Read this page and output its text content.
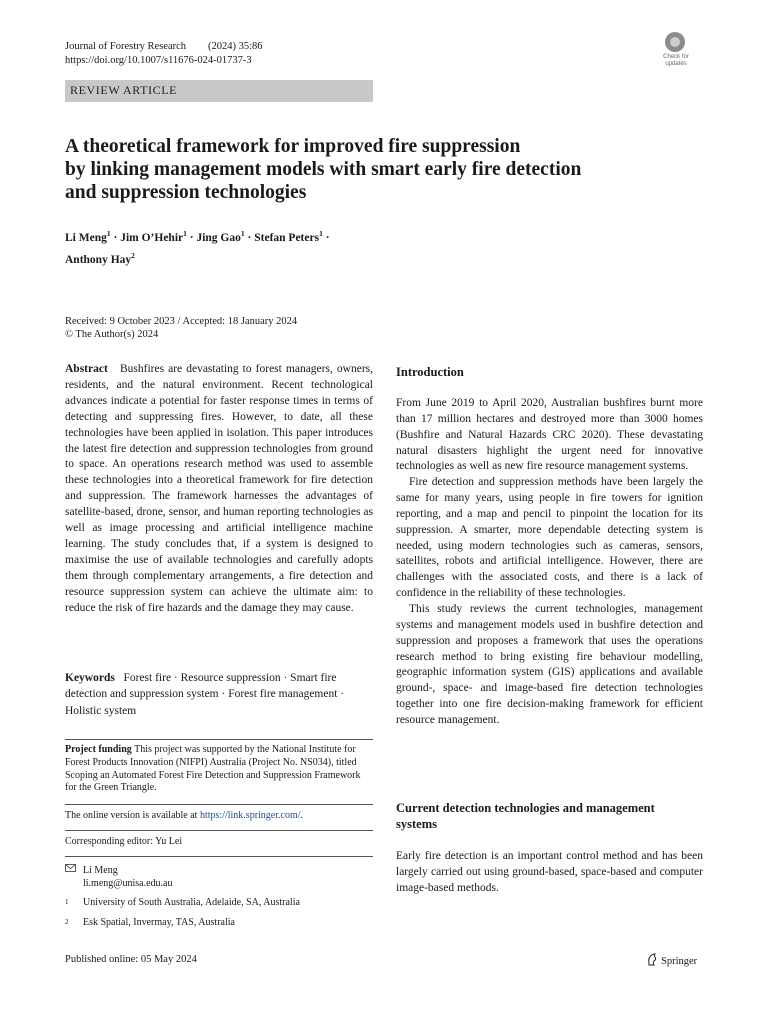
Journal of Forestry Research (2024) 35:86
https://doi.org/10.1007/s11676-024-01737-3	Check for
updates
REVIEW ARTICLE
A theoretical framework for improved fire suppression
by linking management models with smart early fire detection
and suppression technologies
Li Meng$^1$ · Jim O’Hehir$^1$ · Jing Gao$^1$ · Stefan Peters$^1$ ·
Anthony Hay$^2$
Received: 9 October 2023 / Accepted: 18 January 2024
© The Author(s) 2024
Abstract Bushfires are devastating to forest managers, owners, residents, and the natural environment. Recent technological advances indicate a potential for faster response times in terms of detecting and suppressing fires. However, to date, all these technologies have been applied in isolation. This paper introduces the latest fire detection and suppression technologies from ground to space. An operations research method was used to assemble these technologies into a theoretical framework for fire detection and suppression. The framework harnesses the advantages of satellite-based, drone, sensor, and human reporting technologies as well as image processing and artificial intelligence machine learning. The study concludes that, if a system is designed to maximise the use of available technologies and carefully adopts them through complementary arrangements, a fire detection and resource suppression system can achieve the ultimate aim: to reduce the risk of fire hazards and the damage they may cause.
Keywords Forest fire · Resource suppression · Smart fire detection and suppression system · Forest fire management · Holistic system
Project funding This project was supported by the National Institute for Forest Products Innovation (NIFPI) Australia (Project No. NS034), titled Scoping an Automated Forest Fire Detection and Suppression Framework for the Green Triangle.
The online version is available at https://link.springer.com/.
Corresponding editor: Yu Lei
Li Meng
li.meng@unisa.edu.au
1 University of South Australia, Adelaide, SA, Australia
2 Esk Spatial, Invermay, TAS, Australia
Introduction

From June 2019 to April 2020, Australian bushfires burnt more than 17 million hectares and destroyed more than 3000 homes (Bushfire and Natural Hazards CRC 2020). These devastating natural disasters highlight the urgent need for innovative technologies as well as new fire resource management systems.

Fire detection and suppression methods have been largely the same for many years, using people in fire towers for ignition reporting, and a map and pencil to pinpoint the location for its suppression. A smarter, more dependable detecting system is needed, using modern technologies such as cameras, sensors, satellites, robots and artificial intelligence. However, there are challenges with the associated costs, and there is a lack of confidence in the reliability of these technologies.

This study reviews the current technologies, management systems and management models used in bushfire detection and suppression and proposes a framework that uses the operations research method to bring existing fire behaviour modelling, geographic information system (GIS) applications and available ground-, space- and image-based fire detection technologies together into one fire decision-making framework for efficient resource management.

Current detection technologies and management
systems

Early fire detection is an important control method and has been largely carried out using ground-based, space-based and computer image-based methods.

Published online: 05 May 2024	Springer
